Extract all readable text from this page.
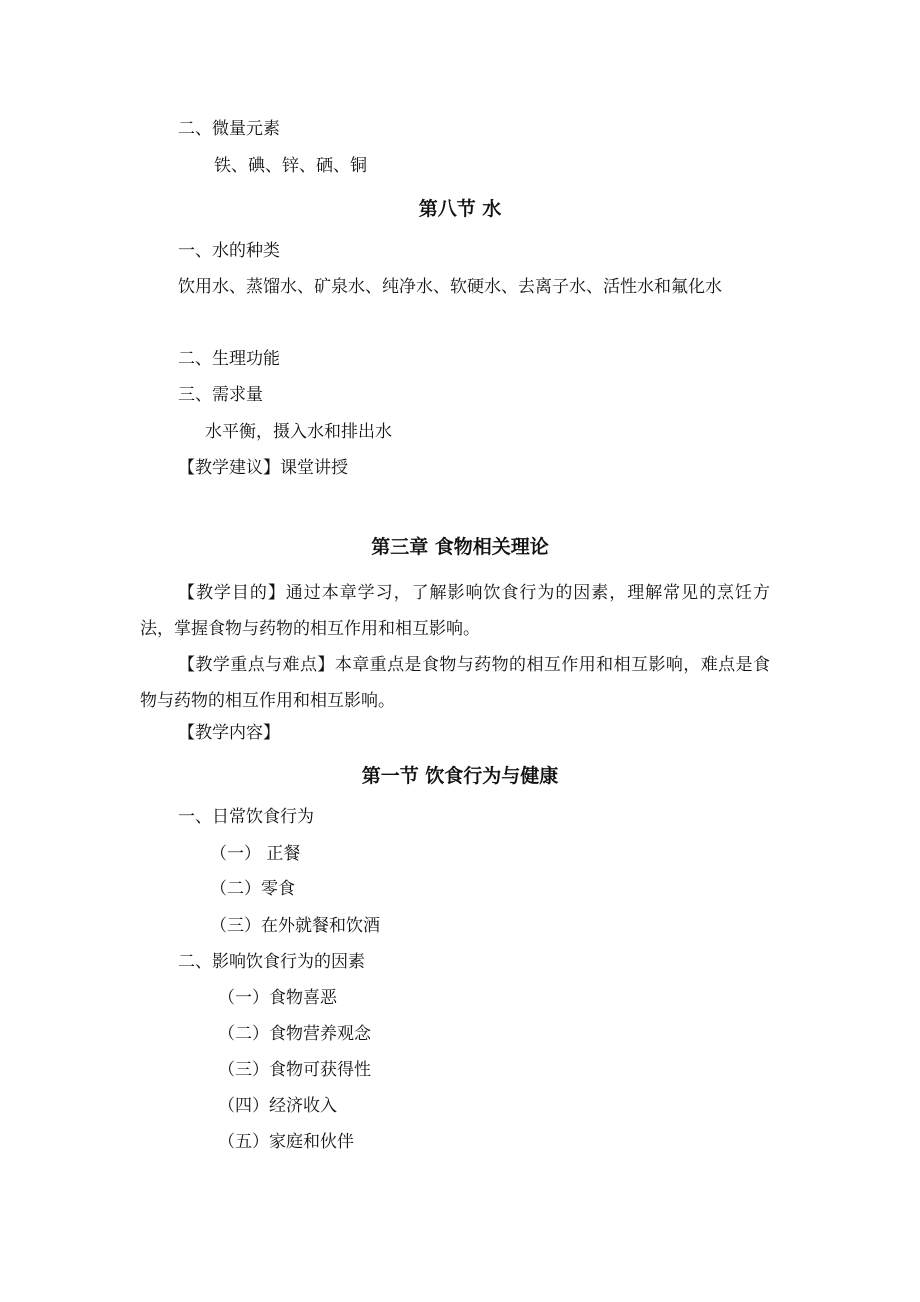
二、微量元素
铁、碘、锌、硒、铜
第八节 水
一、水的种类
饮用水、蒸馏水、矿泉水、纯净水、软硬水、去离子水、活性水和氟化水
二、生理功能
三、需求量
水平衡，摄入水和排出水
【教学建议】课堂讲授
第三章 食物相关理论
【教学目的】通过本章学习，了解影响饮食行为的因素，理解常见的烹饪方法，掌握食物与药物的相互作用和相互影响。
【教学重点与难点】本章重点是食物与药物的相互作用和相互影响，难点是食物与药物的相互作用和相互影响。
【教学内容】
第一节 饮食行为与健康
一、日常饮食行为
（一） 正餐
（二）零食
（三）在外就餐和饮酒
二、影响饮食行为的因素
（一）食物喜恶
（二）食物营养观念
（三）食物可获得性
（四）经济收入
（五）家庭和伙伴
